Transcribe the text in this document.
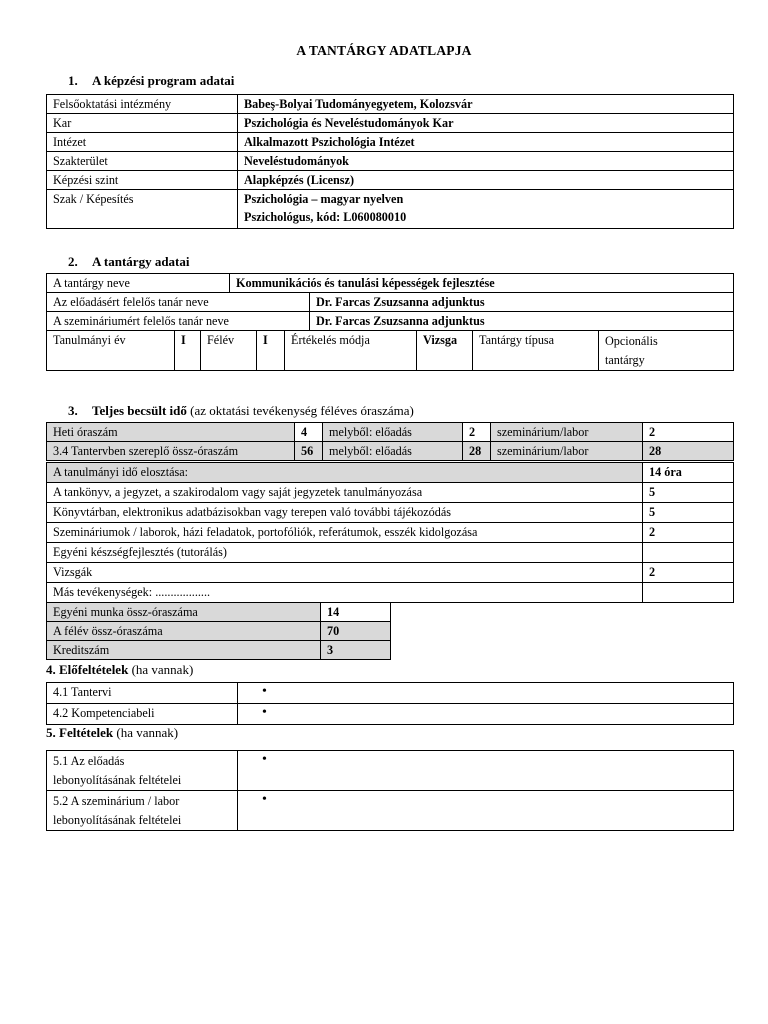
A TANTÁRGY ADATLAPJA
1. A képzési program adatai
Felsőoktatási intézmény	Babeş-Bolyai Tudományegyetem, Kolozsvár
Kar	Pszichológia és Neveléstudományok Kar
Intézet	Alkalmazott Pszichológia Intézet
Szakterület	Neveléstudományok
Képzési szint	Alapképzés (Licensz)
Szak / Képesítés	Pszichológia – magyar nyelven
Pszichológus, kód: L060080010
2. A tantárgy adatai
A tantárgy neve	Kommunikációs és tanulási képességek fejlesztése
Az előadásért felelős tanár neve	Dr. Farcas Zsuzsanna adjunktus
A szemináriumért felelős tanár neve	Dr. Farcas Zsuzsanna adjunktus
Tanulmányi év	I	Félév	I	Értékelés módja	Vizsga	Tantárgy típusa	Opcionális
tantárgy
3. Teljes becsült idő (az oktatási tevékenység féléves óraszáma)
Heti óraszám	4	melyből: előadás	2	szeminárium/labor	2
3.4 Tantervben szereplő össz-óraszám	56	melyből: előadás	28	szeminárium/labor	28
A tanulmányi idő elosztása:	14 óra
A tankönyv, a jegyzet, a szakirodalom vagy saját jegyzetek tanulmányozása	5
Könyvtárban, elektronikus adatbázisokban vagy terepen való további tájékozódás	5
Szemináriumok / laborok, házi feladatok, portofóliók, referátumok, esszék kidolgozása	2
Egyéni készségfejlesztés (tutorálás)	
Vizsgák	2
Más tevékenységek: ..................	
Egyéni munka össz-óraszáma	14
A félév össz-óraszáma	70
Kreditszám	3
4. Előfeltételek (ha vannak)
4.1 Tantervi	•
4.2 Kompetenciabeli	•
5. Feltételek (ha vannak)
5.1 Az előadás
lebonyolításának feltételei	•

5.2 A szeminárium / labor
lebonyolításának feltételei	•
